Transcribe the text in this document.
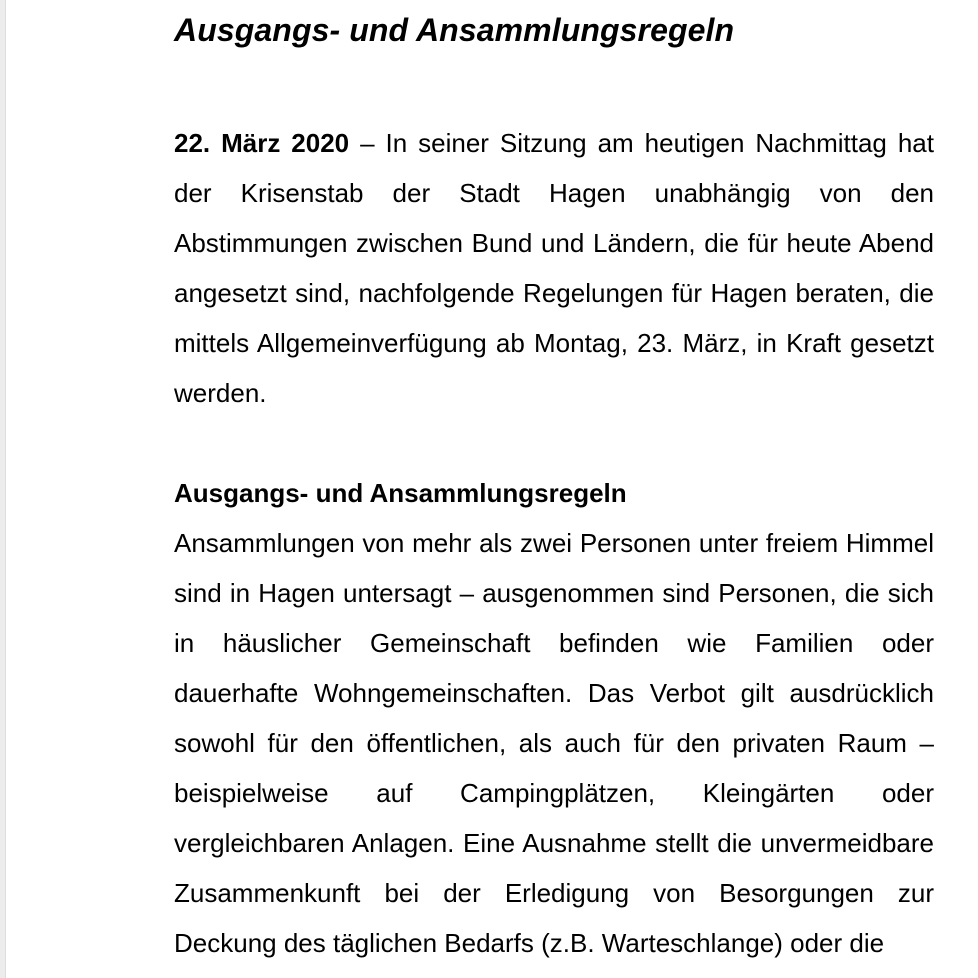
Ausgangs- und Ansammlungsregeln

22. März 2020 – In seiner Sitzung am heutigen Nachmittag hat der Krisenstab der Stadt Hagen unabhängig von den Abstimmungen zwischen Bund und Ländern, die für heute Abend angesetzt sind, nachfolgende Regelungen für Hagen beraten, die mittels Allgemeinverfügung ab Montag, 23. März, in Kraft gesetzt werden.

Ausgangs- und Ansammlungsregeln

Ansammlungen von mehr als zwei Personen unter freiem Himmel sind in Hagen untersagt – ausgenommen sind Personen, die sich in häuslicher Gemeinschaft befinden wie Familien oder dauerhafte Wohngemeinschaften. Das Verbot gilt ausdrücklich sowohl für den öffentlichen, als auch für den privaten Raum – beispielweise auf Campingplätzen, Kleingärten oder vergleichbaren Anlagen. Eine Ausnahme stellt die unvermeidbare Zusammenkunft bei der Erledigung von Besorgungen zur Deckung des täglichen Bedarfs (z.B. Warteschlange) oder die
